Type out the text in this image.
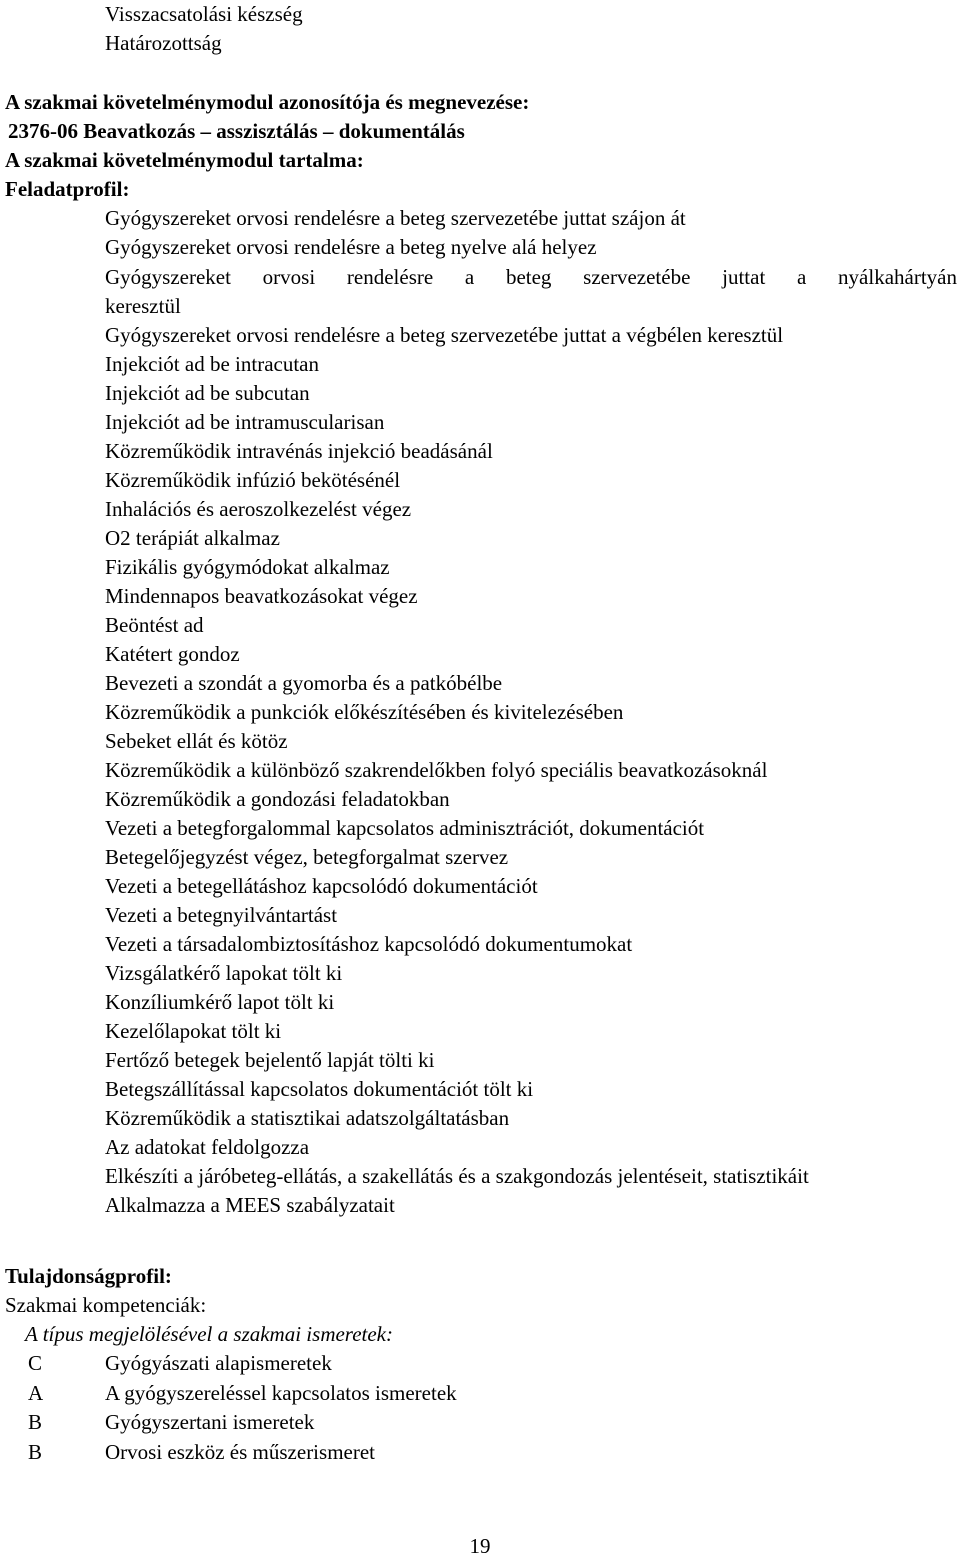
Visszacsatolási készség
Határozottság
A szakmai követelménymodul azonosítója és megnevezése:
2376-06 Beavatkozás – asszisztálás – dokumentálás
A szakmai követelménymodul tartalma:
Feladatprofil:
Gyógyszereket orvosi rendelésre a beteg szervezetébe juttat szájon át
Gyógyszereket orvosi rendelésre a beteg nyelve alá helyez
Gyógyszereket orvosi rendelésre a beteg szervezetébe juttat a nyálkahártyán
keresztül
Gyógyszereket orvosi rendelésre a beteg szervezetébe juttat a végbélen keresztül
Injekciót ad be intracutan
Injekciót ad be subcutan
Injekciót ad be intramuscularisan
Közreműködik intravénás injekció beadásánál
Közreműködik infúzió bekötésénél
Inhalációs és aeroszolkezelést végez
O2 terápiát alkalmaz
Fizikális gyógymódokat alkalmaz
Mindennapos beavatkozásokat végez
Beöntést ad
Katétert gondoz
Bevezeti a szondát a gyomorba és a patkóbélbe
Közreműködik a punkciók előkészítésében és kivitelezésében
Sebeket ellát és kötöz
Közreműködik a különböző szakrendelőkben folyó speciális beavatkozásoknál
Közreműködik a gondozási feladatokban
Vezeti a betegforgalommal kapcsolatos adminisztrációt, dokumentációt
Betegelőjegyzést végez, betegforgalmat szervez
Vezeti a betegellátáshoz kapcsolódó dokumentációt
Vezeti a betegnyilvántartást
Vezeti a társadalombiztosításhoz kapcsolódó dokumentumokat
Vizsgálatkérő lapokat tölt ki
Konzíliumkérő lapot tölt ki
Kezelőlapokat tölt ki
Fertőző betegek bejelentő lapját tölti ki
Betegszállítással kapcsolatos dokumentációt tölt ki
Közreműködik a statisztikai adatszolgáltatásban
Az adatokat feldolgozza
Elkészíti a járóbeteg-ellátás, a szakellátás és a szakgondozás jelentéseit, statisztikáit
Alkalmazza a MEES szabályzatait
Tulajdonságprofil:
Szakmai kompetenciák:
A típus megjelölésével a szakmai ismeretek:
C	Gyógyászati alapismeretek
A	A gyógyszereléssel kapcsolatos ismeretek
B	Gyógyszertani ismeretek
B	Orvosi eszköz és műszerismeret
19
